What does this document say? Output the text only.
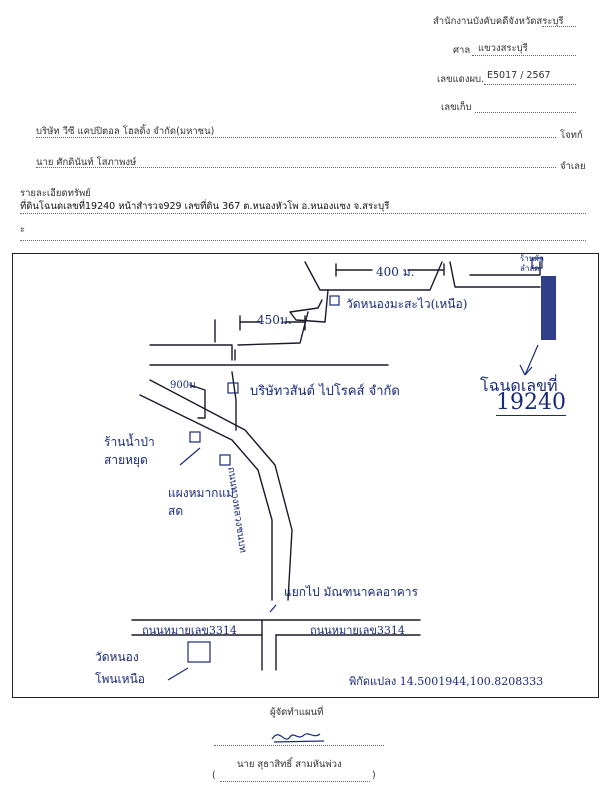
สำนักงานบังคับคดีจังหวัดสระบุรี
ศาล แขวงสระบุรี
เลขแดงผบ. E5017 / 2567
เลขเก็บ
บริษัท วีซี แคปปิตอล โฮลดิ้ง จำกัด(มหาชน)	โจทก์
นาย ศักดินันท์ โสภาพงษ์	จำเลย
รายละเอียดทรัพย์
ที่ดินโฉนดเลขที่19240 หน้าสำรวจ929 เลขที่ดิน 367 ต.หนองหัวโพ อ.หนองแซง จ.สระบุรี
ะ
400 ม.
450ม.
900ม.
วัดหนองมะสะไว(เหนือ)
บริษัทวสันต์ ไปโรคส์ จำกัด
ร้านน้ำป่า
สายหยุด
แผงหมากแม่
สด	ถนนทางหลวงชนบท
แยกไป มัณฑนาคลอาคาร
ถนนหมายเลข3314	ถนนหมายเลข3314
วัดหนอง
โพนเหนือ	พิกัดแปลง 14.5001944,100.8208333
โฉนดเลขที่
19240
ร้านผัก
ลำลัด
ผู้จัดทำแผนที่
นาย สุธาสิทธิ์ สามหันพ่วง
(	)
